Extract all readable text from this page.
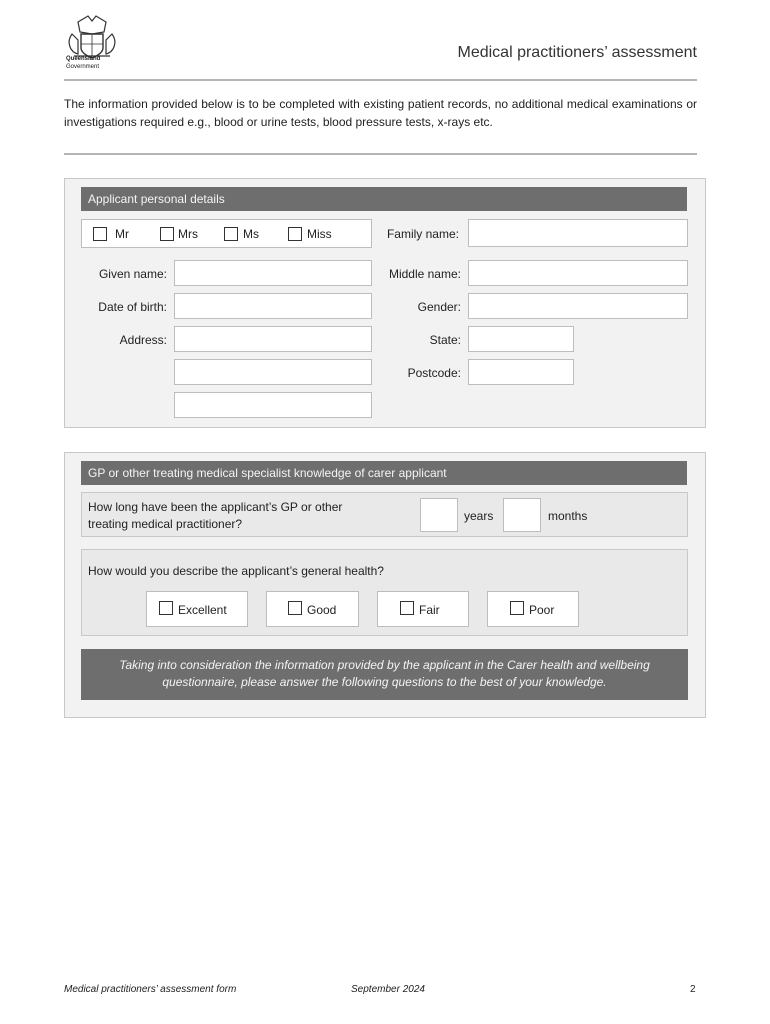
Queensland
Government
Medical practitioners’ assessment
The information provided below is to be completed with existing patient records, no additional medical examinations or investigations required e.g., blood or urine tests, blood pressure tests, x-rays etc.
Applicant personal details
Mr	Mrs	Ms	Miss	Family name:
Given name:	Middle name:
Date of birth:	Gender:
Address:	State:
Postcode:
GP or other treating medical specialist knowledge of carer applicant
How long have been the applicant’s GP or other
treating medical practitioner?
years	months
How would you describe the applicant’s general health?
Excellent	Good	Fair	Poor
Taking into consideration the information provided by the applicant in the Carer health and wellbeing
questionnaire, please answer the following questions to the best of your knowledge.
Medical practitioners’ assessment form	September 2024	2
